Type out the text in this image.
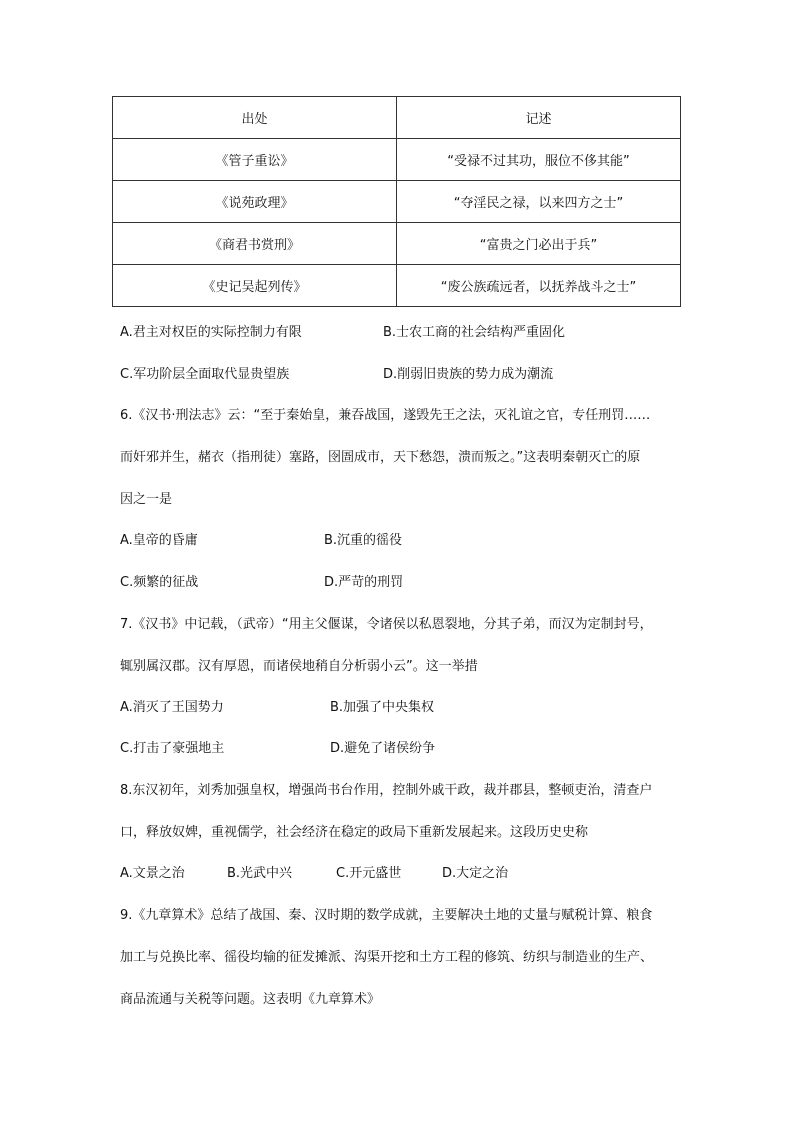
出处	记述
《管子重讼》	“受禄不过其功，服位不侈其能”
《说苑政理》	“夺淫民之禄，以来四方之士”
《商君书赏刑》	“富贵之门必出于兵”
《史记吴起列传》	“废公族疏远者，以抚养战斗之士”
A.君主对权臣的实际控制力有限	B.士农工商的社会结构严重固化
C.军功阶层全面取代显贵望族	D.削弱旧贵族的势力成为潮流
6.《汉书·刑法志》云：“至于秦始皇，兼吞战国，遂毁先王之法，灭礼谊之官，专任刑罚……
而奸邪并生，赭衣（指刑徒）塞路，囹圄成市，天下愁怨，溃而叛之。”这表明秦朝灭亡的原
因之一是
A.皇帝的昏庸	B.沉重的徭役
C.频繁的征战	D.严苛的刑罚
7.《汉书》中记载，（武帝）“用主父偃谋，令诸侯以私恩裂地，分其子弟，而汉为定制封号，
辄别属汉郡。汉有厚恩，而诸侯地稍自分析弱小云”。这一举措
A.消灭了王国势力	B.加强了中央集权
C.打击了豪强地主	D.避免了诸侯纷争
8.东汉初年，刘秀加强皇权，增强尚书台作用，控制外戚干政，裁并郡县，整顿吏治，清查户
口，释放奴婢，重视儒学，社会经济在稳定的政局下重新发展起来。这段历史史称
A.文景之治	B.光武中兴	C.开元盛世	D.大定之治
9.《九章算术》总结了战国、秦、汉时期的数学成就，主要解决土地的丈量与赋税计算、粮食
加工与兑换比率、徭役均输的征发摊派、沟渠开挖和土方工程的修筑、纺织与制造业的生产、
商品流通与关税等问题。这表明《九章算术》
